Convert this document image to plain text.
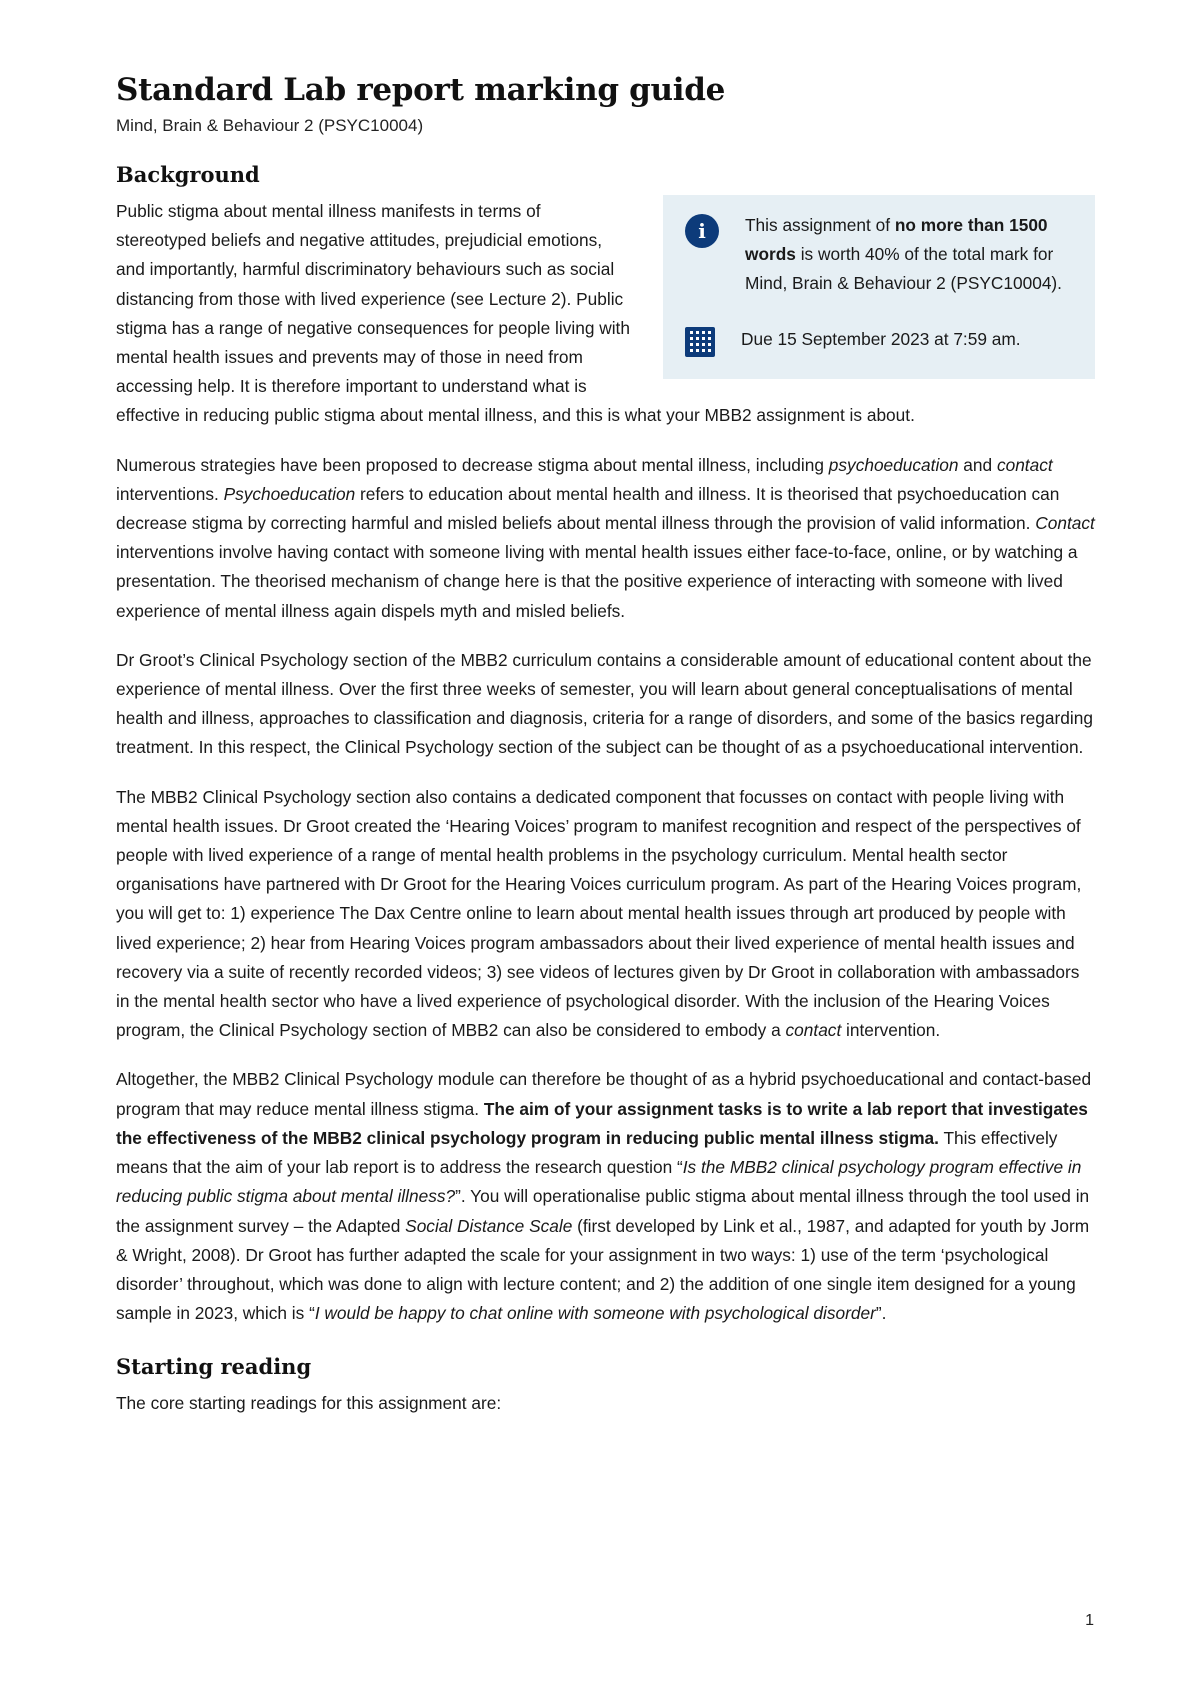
Standard Lab report marking guide
Mind, Brain & Behaviour 2 (PSYC10004)
Background
i	This assignment of no more than 1500 words is worth 40% of the total mark for Mind, Brain & Behaviour 2 (PSYC10004).
Due 15 September 2023 at 7:59 am.

Public stigma about mental illness manifests in terms of stereotyped beliefs and negative attitudes, prejudicial emotions, and importantly, harmful discriminatory behaviours such as social distancing from those with lived experience (see Lecture 2). Public stigma has a range of negative consequences for people living with mental health issues and prevents may of those in need from accessing help. It is therefore important to understand what is effective in reducing public stigma about mental illness, and this is what your MBB2 assignment is about.

Numerous strategies have been proposed to decrease stigma about mental illness, including psychoeducation and contact interventions. Psychoeducation refers to education about mental health and illness. It is theorised that psychoeducation can decrease stigma by correcting harmful and misled beliefs about mental illness through the provision of valid information. Contact interventions involve having contact with someone living with mental health issues either face-to-face, online, or by watching a presentation. The theorised mechanism of change here is that the positive experience of interacting with someone with lived experience of mental illness again dispels myth and misled beliefs.

Dr Groot’s Clinical Psychology section of the MBB2 curriculum contains a considerable amount of educational content about the experience of mental illness. Over the first three weeks of semester, you will learn about general conceptualisations of mental health and illness, approaches to classification and diagnosis, criteria for a range of disorders, and some of the basics regarding treatment. In this respect, the Clinical Psychology section of the subject can be thought of as a psychoeducational intervention.

The MBB2 Clinical Psychology section also contains a dedicated component that focusses on contact with people living with mental health issues. Dr Groot created the ‘Hearing Voices’ program to manifest recognition and respect of the perspectives of people with lived experience of a range of mental health problems in the psychology curriculum. Mental health sector organisations have partnered with Dr Groot for the Hearing Voices curriculum program. As part of the Hearing Voices program, you will get to: 1) experience The Dax Centre online to learn about mental health issues through art produced by people with lived experience; 2) hear from Hearing Voices program ambassadors about their lived experience of mental health issues and recovery via a suite of recently recorded videos; 3) see videos of lectures given by Dr Groot in collaboration with ambassadors in the mental health sector who have a lived experience of psychological disorder. With the inclusion of the Hearing Voices program, the Clinical Psychology section of MBB2 can also be considered to embody a contact intervention.

Altogether, the MBB2 Clinical Psychology module can therefore be thought of as a hybrid psychoeducational and contact-based program that may reduce mental illness stigma. The aim of your assignment tasks is to write a lab report that investigates the effectiveness of the MBB2 clinical psychology program in reducing public mental illness stigma. This effectively means that the aim of your lab report is to address the research question “Is the MBB2 clinical psychology program effective in reducing public stigma about mental illness?”. You will operationalise public stigma about mental illness through the tool used in the assignment survey – the Adapted Social Distance Scale (first developed by Link et al., 1987, and adapted for youth by Jorm & Wright, 2008). Dr Groot has further adapted the scale for your assignment in two ways: 1) use of the term ‘psychological disorder’ throughout, which was done to align with lecture content; and 2) the addition of one single item designed for a young sample in 2023, which is “I would be happy to chat online with someone with psychological disorder”.

Starting reading

The core starting readings for this assignment are:

1
